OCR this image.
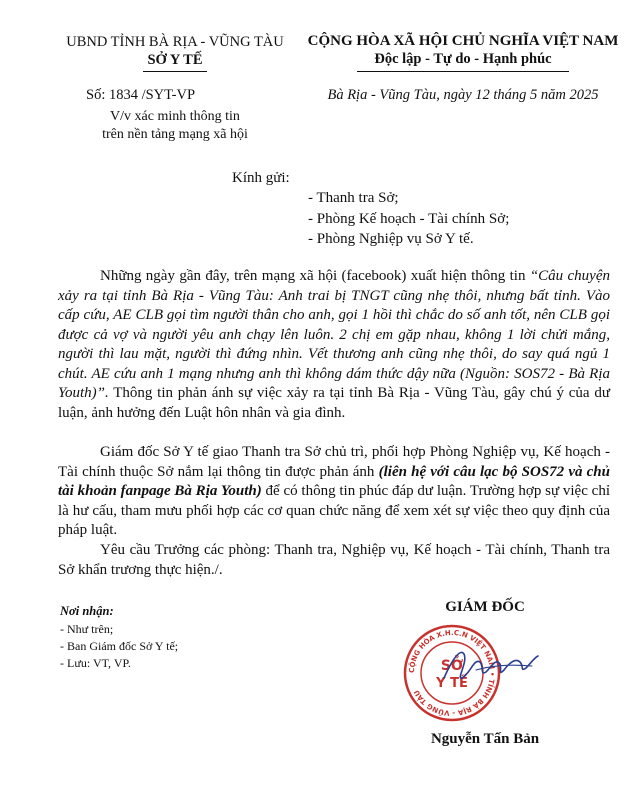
UBND TỈNH BÀ RỊA - VŨNG TÀU
SỞ Y TẾ
CỘNG HÒA XÃ HỘI CHỦ NGHĨA VIỆT NAM
Độc lập - Tự do - Hạnh phúc
Số: 1834 /SYT-VP	Bà Rịa - Vũng Tàu, ngày 12 tháng 5 năm 2025
V/v xác minh thông tin
trên nền tảng mạng xã hội
Kính gửi:
- Thanh tra Sở;
- Phòng Kế hoạch - Tài chính Sở;
- Phòng Nghiệp vụ Sở Y tế.
Những ngày gần đây, trên mạng xã hội (facebook) xuất hiện thông tin “Câu chuyện xảy ra tại tỉnh Bà Rịa - Vũng Tàu: Anh trai bị TNGT cũng nhẹ thôi, nhưng bất tỉnh. Vào cấp cứu, AE CLB gọi tìm người thân cho anh, gọi 1 hồi thì chắc do số anh tốt, nên CLB gọi được cả vợ và người yêu anh chạy lên luôn. 2 chị em gặp nhau, không 1 lời chửi mắng, người thì lau mặt, người thì đứng nhìn. Vết thương anh cũng nhẹ thôi, do say quá ngủ 1 chút. AE cứu anh 1 mạng nhưng anh thì không dám thức dậy nữa (Nguồn: SOS72 - Bà Rịa Youth)”. Thông tin phản ánh sự việc xảy ra tại tỉnh Bà Rịa - Vũng Tàu, gây chú ý của dư luận, ảnh hưởng đến Luật hôn nhân và gia đình.
Giám đốc Sở Y tế giao Thanh tra Sở chủ trì, phối hợp Phòng Nghiệp vụ, Kế hoạch - Tài chính thuộc Sở nắm lại thông tin được phản ánh (liên hệ với câu lạc bộ SOS72 và chủ tài khoản fanpage Bà Rịa Youth) để có thông tin phúc đáp dư luận. Trường hợp sự việc chỉ là hư cấu, tham mưu phối hợp các cơ quan chức năng để xem xét sự việc theo quy định của pháp luật.
Yêu cầu Trưởng các phòng: Thanh tra, Nghiệp vụ, Kế hoạch - Tài chính, Thanh tra Sở khẩn trương thực hiện./.
Nơi nhận:
- Như trên;
- Ban Giám đốc Sở Y tế;
- Lưu: VT, VP.
GIÁM ĐỐC
CỘNG HÒA X.H.C.N VIỆT NAM • TỈNH BÀ RỊA - VŨNG TÀU
SỞ
Y TẾ
Nguyễn Tấn Bản
